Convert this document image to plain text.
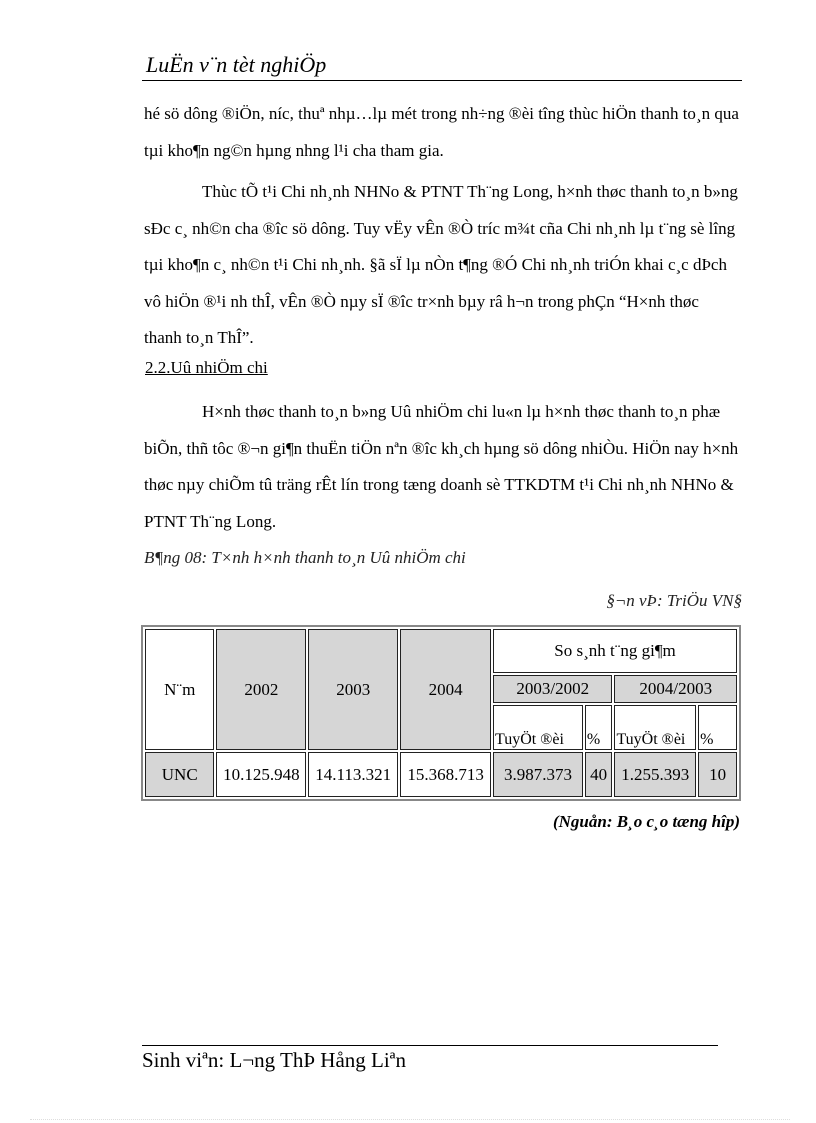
LuËn v¨n tèt nghiÖp

hé sö dông ®iÖn, níc, thuª nhµ…lµ mét trong nh÷ng ®èi tîng thùc hiÖn thanh to¸n qua tµi kho¶n ng©n hµng nhng l¹i cha tham gia.

Thùc tÕ t¹i Chi nh¸nh NHNo & PTNT Th¨ng Long, h×nh thøc thanh to¸n b»ng sÐc c¸ nh©n cha ®îc sö dông. Tuy vËy vÊn ®Ò tríc m¾t cña Chi nh¸nh lµ t¨ng sè lîng tµi kho¶n c¸ nh©n t¹i Chi nh¸nh. §ã sÏ lµ nÒn t¶ng ®Ó Chi nh¸nh triÓn khai c¸c dÞch vô hiÖn ®¹i nh thÎ, vÊn ®Ò nµy sÏ ®îc tr×nh bµy râ h¬n trong phÇn “H×nh thøc thanh to¸n ThÎ”.

2.2.Uû nhiÖm chi

H×nh thøc thanh to¸n b»ng Uû nhiÖm chi lu«n lµ h×nh thøc thanh to¸n phæ biÕn, thñ tôc ®¬n gi¶n thuËn tiÖn nªn ®îc kh¸ch hµng sö dông nhiÒu. HiÖn nay h×nh thøc nµy chiÕm tû träng rÊt lín trong tæng doanh sè TTKDTM t¹i Chi nh¸nh NHNo & PTNT Th¨ng Long.

B¶ng 08: T×nh h×nh thanh to¸n Uû nhiÖm chi
§¬n vÞ: TriÖu VN§
N¨m	2002	2003	2004	So s¸nh t¨ng gi¶m			
				2003/2002		2004/2003	
				TuyÖt ®èi	%	TuyÖt ®èi	%
UNC	10.125.948	14.113.321	15.368.713	3.987.373	40	1.255.393	10
(Nguån: B¸o c¸o tæng hîp)
Sinh viªn: L¬ng ThÞ Hång Liªn
